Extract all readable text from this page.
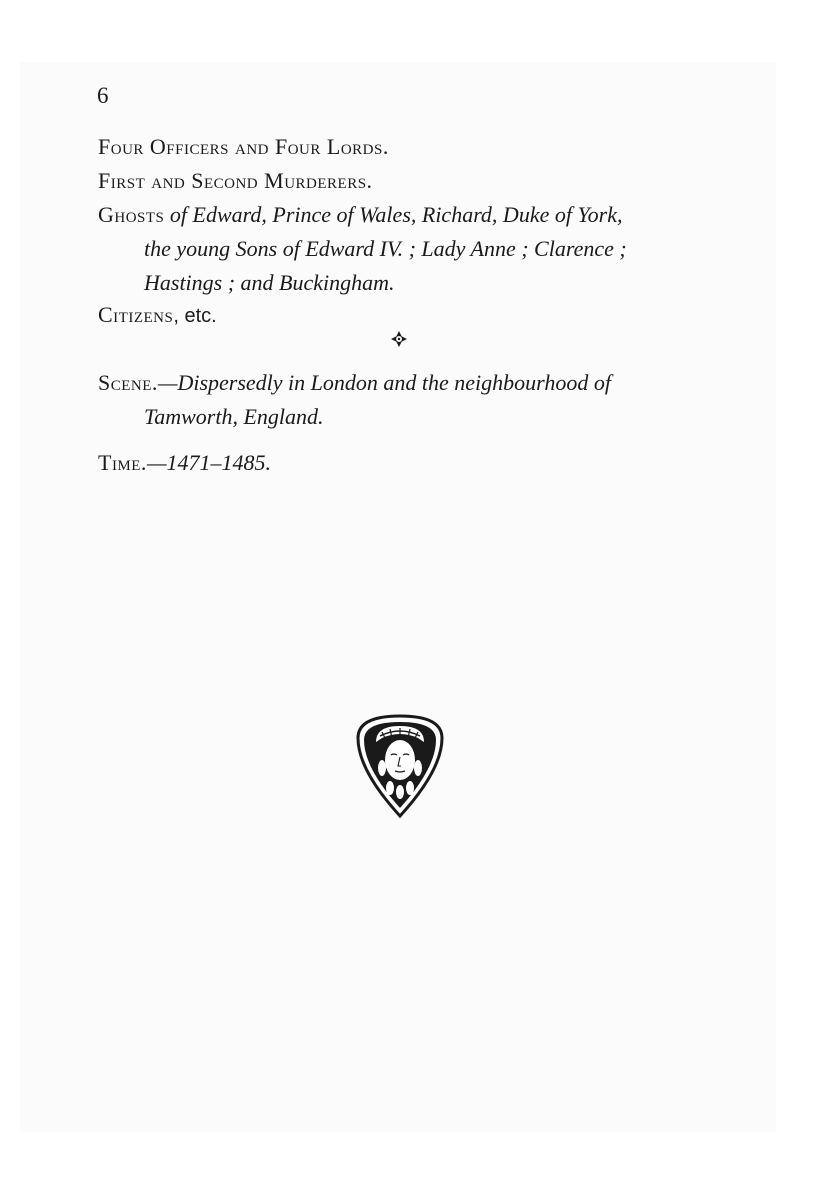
6
Four Officers and Four Lords.
First and Second Murderers.
Ghosts of Edward, Prince of Wales, Richard, Duke of York,
the young Sons of Edward IV. ; Lady Anne ; Clarence ;
Hastings ; and Buckingham.
Citizens, etc.
Scene.—Dispersedly in London and the neighbourhood of
Tamworth, England.
Time.—1471–1485.
